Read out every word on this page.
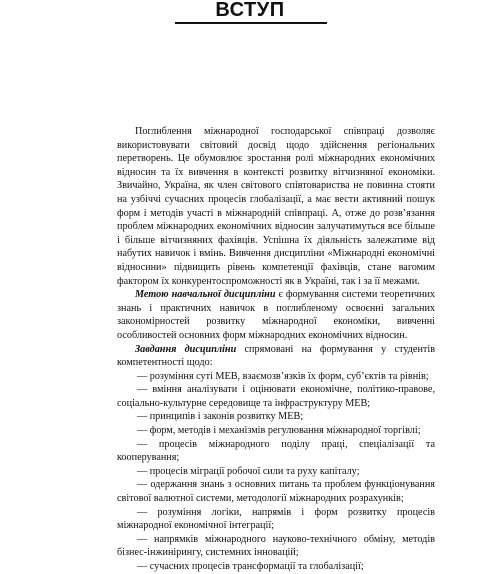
ВСТУП

Поглиблення міжнародної господарської співпраці дозволяє використовувати світовий досвід щодо здійснення регіональних перетворень. Це обумовлює зростання ролі міжнародних економічних відносин та їх вивчення в контексті розвитку вітчизняної економіки. Звичайно, Україна, як член світового співтовариства не повинна стояти на узбіччі сучасних процесів глобалізації, а має вести активний пошук форм і методів участі в міжнародній співпраці. А, отже до розв’язання проблем міжнародних економічних відносин залучатимуться все більше і більше вітчизняних фахівців. Успішна їх діяльність залежатиме від набутих навичок і вмінь. Вивчення дисципліни «Міжнародні економічні відносини» підвищить рівень компетенції фахівців, стане вагомим фактором їх конкурентоспроможності як в Україні, так і за її межами.

Метою навчальної дисципліни є формування системи теоретичних знань і практичних навичок в поглибленому освоєнні загальних закономірностей розвитку міжнародної економіки, вивченні особливостей основних форм міжнародних економічних відносин.

Завдання дисципліни спрямовані на формування у студентів компетентності щодо:

— розуміння суті МЕВ, взаємозв’язків їх форм, суб’єктів та рівнів;

— вміння аналізувати і оцінювати економічне, політико-правове, соціально-культурне середовище та інфраструктуру МЕВ;

— принципів і законів розвитку МЕВ;

— форм, методів і механізмів регулювання міжнародної торгівлі;

— процесів міжнародного поділу праці, спеціалізації та кооперування;

— процесів міграції робочої сили та руху капіталу;

— одержання знань з основних питань та проблем функціонування світової валютної системи, методології міжнародних розрахунків;

— розуміння логіки, напрямів і форм розвитку процесів міжнародної економічної інтеграції;

— напрямків міжнародного науково-технічного обміну, методів бізнес-інжинірингу, системних інновацій;

— сучасних процесів трансформації та глобалізації;
